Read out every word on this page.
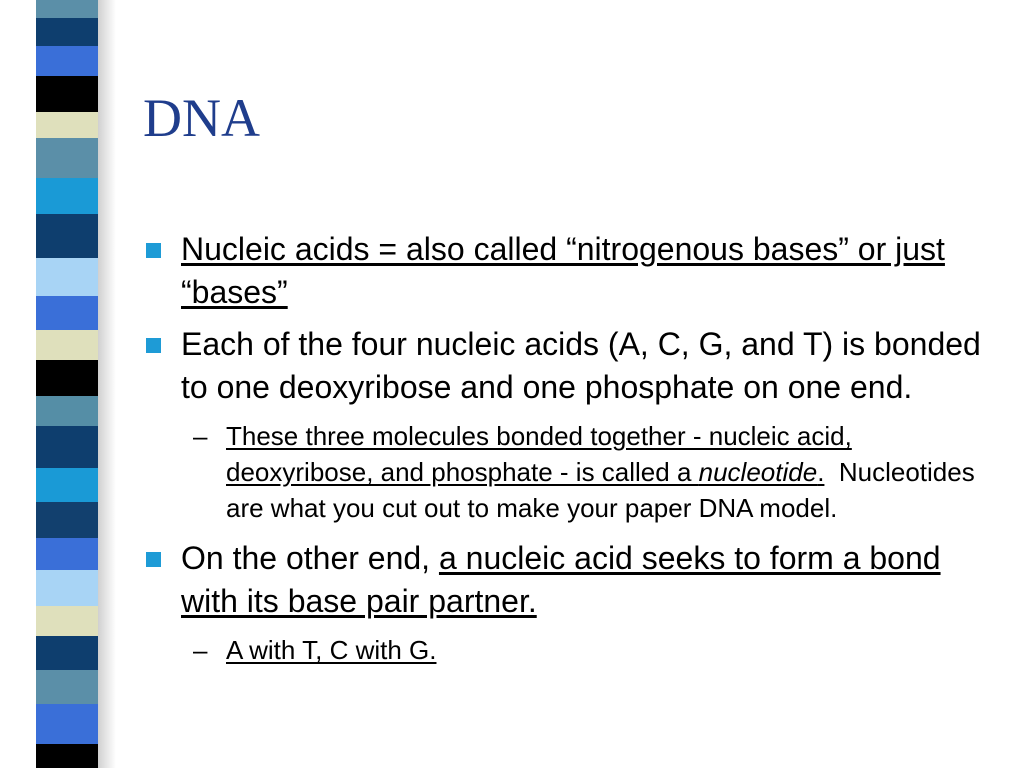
DNA
Nucleic acids = also called “nitrogenous bases” or just “bases”
Each of the four nucleic acids (A, C, G, and T) is bonded to one deoxyribose and one phosphate on one end.
– These three molecules bonded together - nucleic acid, deoxyribose, and phosphate - is called a nucleotide.  Nucleotides are what you cut out to make your paper DNA model.
On the other end, a nucleic acid seeks to form a bond with its base pair partner.
– A with T, C with G.
